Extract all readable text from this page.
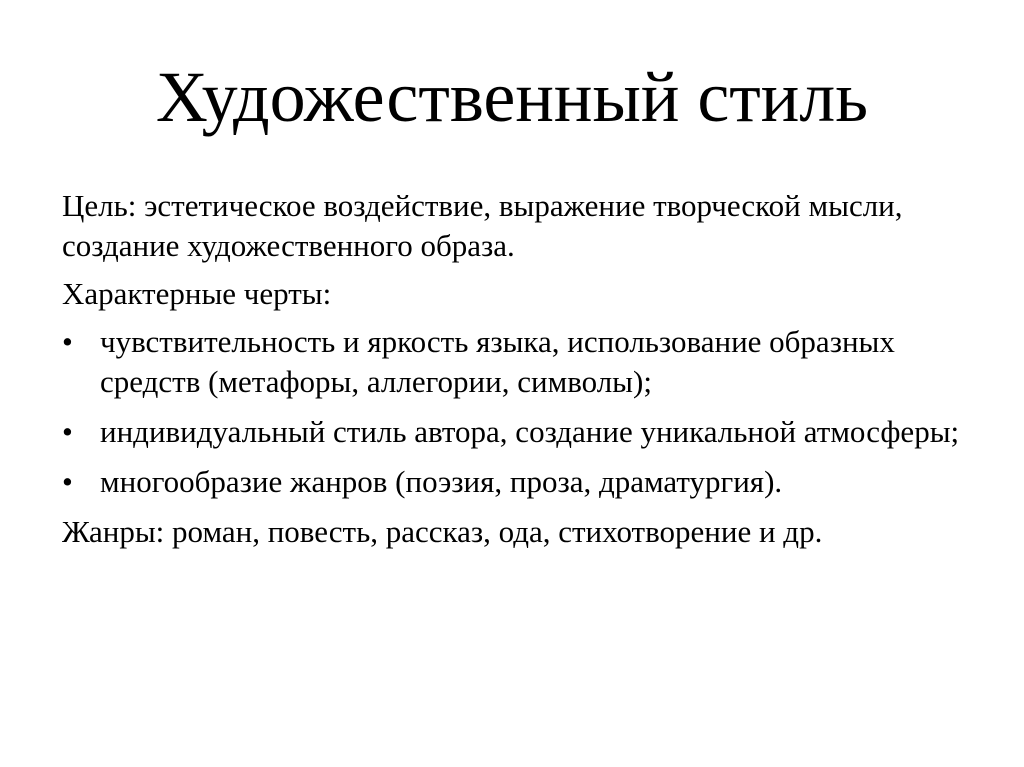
Художественный стиль

Цель: эстетическое воздействие, выражение творческой мысли, создание художественного образа.

Характерные черты:

• чувствительность и яркость языка, использование образных средств (метафоры, аллегории, символы);
• индивидуальный стиль автора, создание уникальной атмосферы;
• многообразие жанров (поэзия, проза, драматургия).

Жанры: роман, повесть, рассказ, ода, стихотворение и др.
